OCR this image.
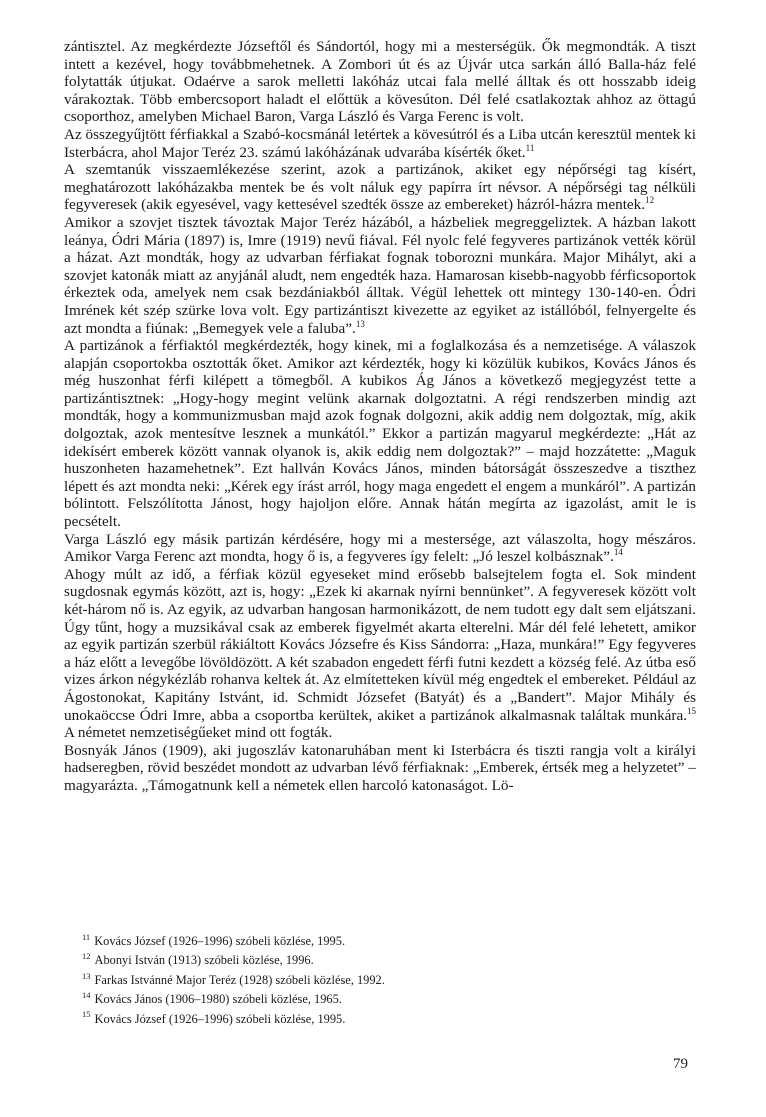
zántisztel. Az megkérdezte Józseftől és Sándortól, hogy mi a mesterségük. Ők megmondták. A tiszt intett a kezével, hogy továbbmehetnek. A Zombori út és az Újvár utca sarkán álló Balla-ház felé folytatták útjukat. Odaérve a sarok melletti lakóház utcai fala mellé álltak és ott hosszabb ideig várakoztak. Több embercsoport haladt el előttük a kövesúton. Dél felé csatlakoztak ahhoz az öttagú csoporthoz, amelyben Michael Baron, Varga László és Varga Ferenc is volt.

Az összegyűjtött férfiakkal a Szabó-kocsmánál letértek a kövesútról és a Liba utcán keresztül mentek ki Isterbácra, ahol Major Teréz 23. számú lakóházának udvarába kísérték őket.$^{11}$

A szemtanúk visszaemlékezése szerint, azok a partizánok, akiket egy népőrségi tag kísért, meghatározott lakóházakba mentek be és volt náluk egy papírra írt névsor. A népőrségi tag nélküli fegyveresek (akik egyesével, vagy kettesével szedték össze az embereket) házról-házra mentek.$^{12}$

Amikor a szovjet tisztek távoztak Major Teréz házából, a házbeliek megreggeliztek. A házban lakott leánya, Ódri Mária (1897) is, Imre (1919) nevű fiával. Fél nyolc felé fegyveres partizánok vették körül a házat. Azt mondták, hogy az udvarban férfiakat fognak toborozni munkára. Major Mihályt, aki a szovjet katonák miatt az anyjánál aludt, nem engedték haza. Hamarosan kisebb-nagyobb férficsoportok érkeztek oda, amelyek nem csak bezdániakból álltak. Végül lehettek ott mintegy 130-140-en. Ódri Imrének két szép szürke lova volt. Egy partizántiszt kivezette az egyiket az istállóból, felnyergelte és azt mondta a fiúnak: „Bemegyek vele a faluba”.$^{13}$

A partizánok a férfiaktól megkérdezték, hogy kinek, mi a foglalkozása és a nemzetisége. A válaszok alapján csoportokba osztották őket. Amikor azt kérdezték, hogy ki közülük kubikos, Kovács János és még huszonhat férfi kilépett a tömegből. A kubikos Ág János a következő megjegyzést tette a partizántisztnek: „Hogy-hogy megint velünk akarnak dolgoztatni. A régi rendszerben mindig azt mondták, hogy a kommunizmusban majd azok fognak dolgozni, akik addig nem dolgoztak, míg, akik dolgoztak, azok mentesítve lesznek a munkától.” Ekkor a partizán magyarul megkérdezte: „Hát az idekísért emberek között vannak olyanok is, akik eddig nem dolgoztak?” – majd hozzátette: „Maguk huszonheten hazamehetnek”. Ezt hallván Kovács János, minden bátorságát összeszedve a tiszthez lépett és azt mondta neki: „Kérek egy írást arról, hogy maga engedett el engem a munkáról”. A partizán bólintott. Felszólította Jánost, hogy hajoljon előre. Annak hátán megírta az igazolást, amit le is pecsételt.

Varga László egy másik partizán kérdésére, hogy mi a mestersége, azt válaszolta, hogy mészáros. Amikor Varga Ferenc azt mondta, hogy ő is, a fegyveres így felelt: „Jó leszel kolbásznak”.$^{14}$

Ahogy múlt az idő, a férfiak közül egyeseket mind erősebb balsejtelem fogta el. Sok mindent sugdosnak egymás között, azt is, hogy: „Ezek ki akarnak nyírni bennünket”. A fegyveresek között volt két-három nő is. Az egyik, az udvarban hangosan harmonikázott, de nem tudott egy dalt sem eljátszani. Úgy tűnt, hogy a muzsikával csak az emberek figyelmét akarta elterelni. Már dél felé lehetett, amikor az egyik partizán szerbül rákiáltott Kovács Józsefre és Kiss Sándorra: „Haza, munkára!” Egy fegyveres a ház előtt a levegőbe lövöldözött. A két szabadon engedett férfi futni kezdett a község felé. Az útba eső vizes árkon négykézláb rohanva keltek át. Az elmítetteken kívül még engedtek el embereket. Például az Ágostonokat, Kapitány Istvánt, id. Schmidt Józsefet (Batyát) és a „Bandert”. Major Mihály és unokaöccse Ódri Imre, abba a csoportba kerültek, akiket a partizánok alkalmasnak találtak munkára.$^{15}$ A németet nemzetiségűeket mind ott fogták.

Bosnyák János (1909), aki jugoszláv katonaruhában ment ki Isterbácra és tiszti rangja volt a királyi hadseregben, rövid beszédet mondott az udvarban lévő férfiaknak: „Emberek, értsék meg a helyzetet” – magyarázta. „Támogatnunk kell a németek ellen harcoló katonaságot. Lö-

$^{11}$ Kovács József (1926–1996) szóbeli közlése, 1995.

$^{12}$ Abonyi István (1913) szóbeli közlése, 1996.

$^{13}$ Farkas Istvánné Major Teréz (1928) szóbeli közlése, 1992.

$^{14}$ Kovács János (1906–1980) szóbeli közlése, 1965.

$^{15}$ Kovács József (1926–1996) szóbeli közlése, 1995.

79
